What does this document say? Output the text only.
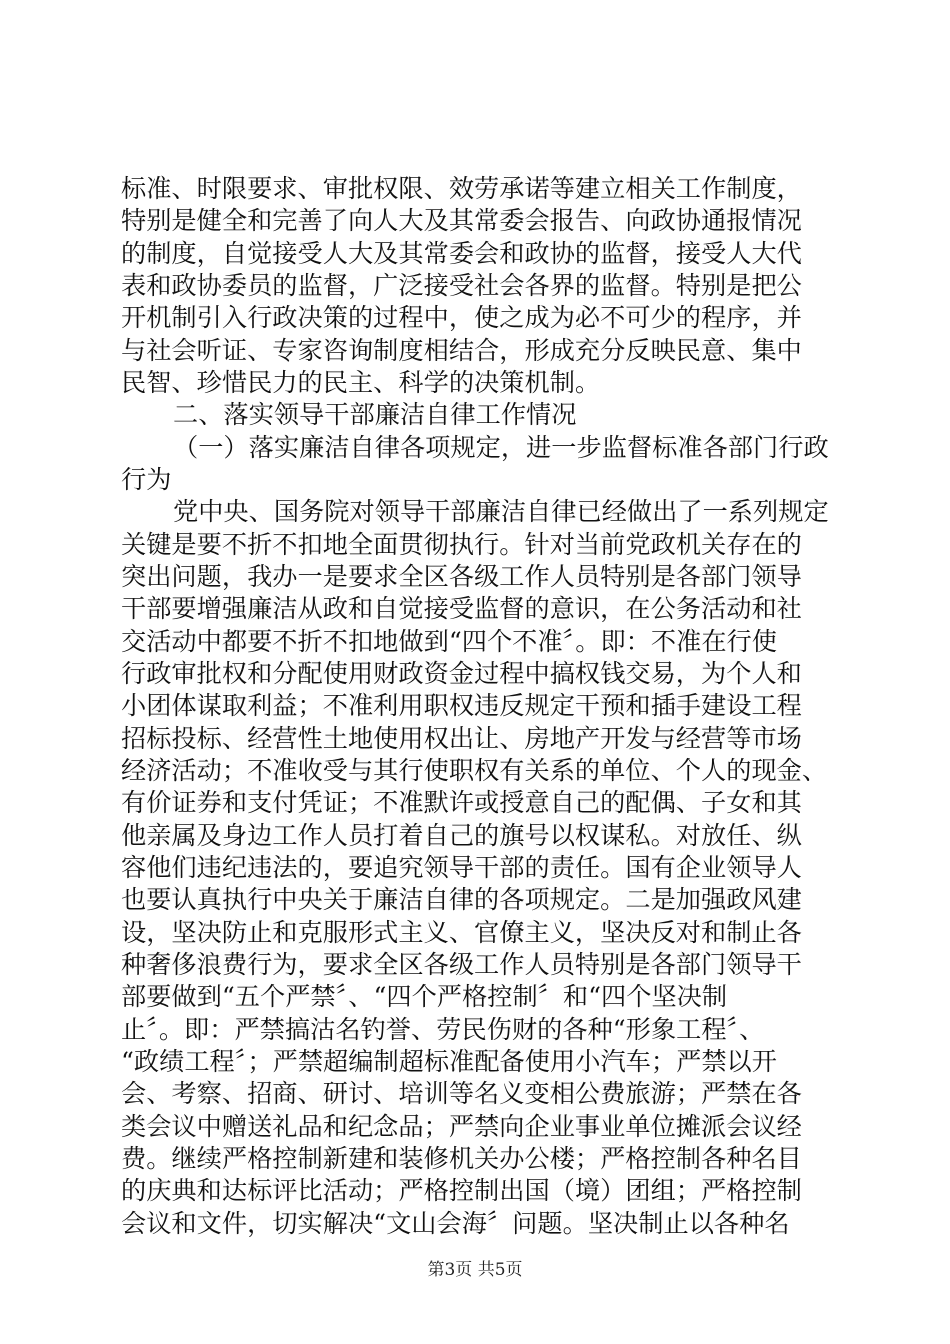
标准、时限要求、审批权限、效劳承诺等建立相关工作制度，
特别是健全和完善了向人大及其常委会报告、向政协通报情况
的制度，自觉接受人大及其常委会和政协的监督，接受人大代
表和政协委员的监督，广泛接受社会各界的监督。特别是把公
开机制引入行政决策的过程中，使之成为必不可少的程序，并
与社会听证、专家咨询制度相结合，形成充分反映民意、集中
民智、珍惜民力的民主、科学的决策机制。
二、落实领导干部廉洁自律工作情况
（一）落实廉洁自律各项规定，进一步监督标准各部门行政
行为
党中央、国务院对领导干部廉洁自律已经做出了一系列规定
关键是要不折不扣地全面贯彻执行。针对当前党政机关存在的
突出问题，我办一是要求全区各级工作人员特别是各部门领导
干部要增强廉洁从政和自觉接受监督的意识，在公务活动和社
交活动中都要不折不扣地做到“四个不准〞。即：不准在行使
行政审批权和分配使用财政资金过程中搞权钱交易，为个人和
小团体谋取利益；不准利用职权违反规定干预和插手建设工程
招标投标、经营性土地使用权出让、房地产开发与经营等市场
经济活动；不准收受与其行使职权有关系的单位、个人的现金、
有价证券和支付凭证；不准默许或授意自己的配偶、子女和其
他亲属及身边工作人员打着自己的旗号以权谋私。对放任、纵
容他们违纪违法的，要追究领导干部的责任。国有企业领导人
也要认真执行中央关于廉洁自律的各项规定。二是加强政风建
设，坚决防止和克服形式主义、官僚主义，坚决反对和制止各
种奢侈浪费行为，要求全区各级工作人员特别是各部门领导干
部要做到“五个严禁〞、“四个严格控制〞和“四个坚决制
止〞。即：严禁搞沽名钓誉、劳民伤财的各种“形象工程〞、
“政绩工程〞；严禁超编制超标准配备使用小汽车；严禁以开
会、考察、招商、研讨、培训等名义变相公费旅游；严禁在各
类会议中赠送礼品和纪念品；严禁向企业事业单位摊派会议经
费。继续严格控制新建和装修机关办公楼；严格控制各种名目
的庆典和达标评比活动；严格控制出国（境）团组；严格控制
会议和文件，切实解决“文山会海〞问题。坚决制止以各种名
第3页 共5页
